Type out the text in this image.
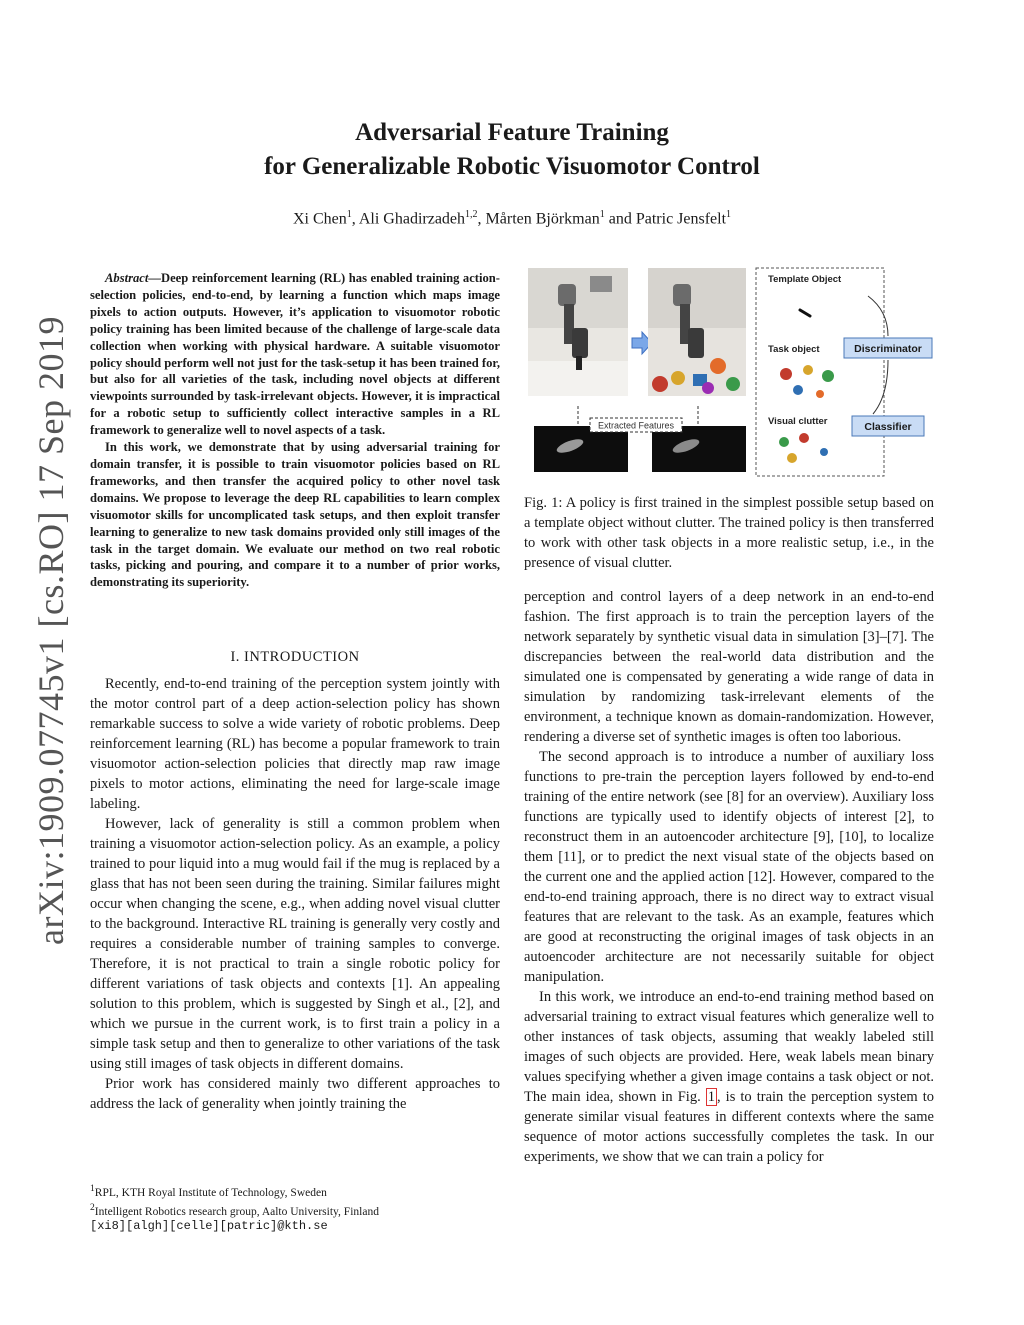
arXiv:1909.07745v1 [cs.RO] 17 Sep 2019
Adversarial Feature Training
for Generalizable Robotic Visuomotor Control
Xi Chen$^1$, Ali Ghadirzadeh$^{1,2}$, Mårten Björkman$^1$ and Patric Jensfelt$^1$

Abstract—Deep reinforcement learning (RL) has enabled training action-selection policies, end-to-end, by learning a function which maps image pixels to action outputs. However, it’s application to visuomotor robotic policy training has been limited because of the challenge of large-scale data collection when working with physical hardware. A suitable visuomotor policy should perform well not just for the task-setup it has been trained for, but also for all varieties of the task, including novel objects at different viewpoints surrounded by task-irrelevant objects. However, it is impractical for a robotic setup to sufficiently collect interactive samples in a RL framework to generalize well to novel aspects of a task.

In this work, we demonstrate that by using adversarial training for domain transfer, it is possible to train visuomotor policies based on RL frameworks, and then transfer the acquired policy to other novel task domains. We propose to leverage the deep RL capabilities to learn complex visuomotor skills for uncomplicated task setups, and then exploit transfer learning to generalize to new task domains provided only still images of the task in the target domain. We evaluate our method on two real robotic tasks, picking and pouring, and compare it to a number of prior works, demonstrating its superiority.

I. INTRODUCTION

Recently, end-to-end training of the perception system jointly with the motor control part of a deep action-selection policy has shown remarkable success to solve a wide variety of robotic problems. Deep reinforcement learning (RL) has become a popular framework to train visuomotor action-selection policies that directly map raw image pixels to motor actions, eliminating the need for large-scale image labeling.

However, lack of generality is still a common problem when training a visuomotor action-selection policy. As an example, a policy trained to pour liquid into a mug would fail if the mug is replaced by a glass that has not been seen during the training. Similar failures might occur when changing the scene, e.g., when adding novel visual clutter to the background. Interactive RL training is generally very costly and requires a considerable number of training samples to converge. Therefore, it is not practical to train a single robotic policy for different variations of task objects and contexts [1]. An appealing solution to this problem, which is suggested by Singh et al., [2], and which we pursue in the current work, is to first train a policy in a simple task setup and then to generalize to other variations of the task using still images of task objects in different domains.

Prior work has considered mainly two different approaches to address the lack of generality when jointly training the

$^1$RPL, KTH Royal Institute of Technology, Sweden
$^2$Intelligent Robotics research group, Aalto University, Finland
[xi8][algh][celle][patric]@kth.se
Extracted Features
Template Object
Task object
Visual clutter
Discriminator
Classifier
Fig. 1: A policy is first trained in the simplest possible setup based on a template object without clutter. The trained policy is then transferred to work with other task objects in a more realistic setup, i.e., in the presence of visual clutter.

perception and control layers of a deep network in an end-to-end fashion. The first approach is to train the perception layers of the network separately by synthetic visual data in simulation [3]–[7]. The discrepancies between the real-world data distribution and the simulated one is compensated by generating a wide range of data in simulation by randomizing task-irrelevant elements of the environment, a technique known as domain-randomization. However, rendering a diverse set of synthetic images is often too laborious.

The second approach is to introduce a number of auxiliary loss functions to pre-train the perception layers followed by end-to-end training of the entire network (see [8] for an overview). Auxiliary loss functions are typically used to identify objects of interest [2], to reconstruct them in an autoencoder architecture [9], [10], to localize them [11], or to predict the next visual state of the objects based on the current one and the applied action [12]. However, compared to the end-to-end training approach, there is no direct way to extract visual features that are relevant to the task. As an example, features which are good at reconstructing the original images of task objects in an autoencoder architecture are not necessarily suitable for object manipulation.

In this work, we introduce an end-to-end training method based on adversarial training to extract visual features which generalize well to other instances of task objects, assuming that weakly labeled still images of such objects are provided. Here, weak labels mean binary values specifying whether a given image contains a task object or not. The main idea, shown in Fig. 1 , is to train the perception system to generate similar visual features in different contexts where the same sequence of motor actions successfully completes the task. In our experiments, we show that we can train a policy for
